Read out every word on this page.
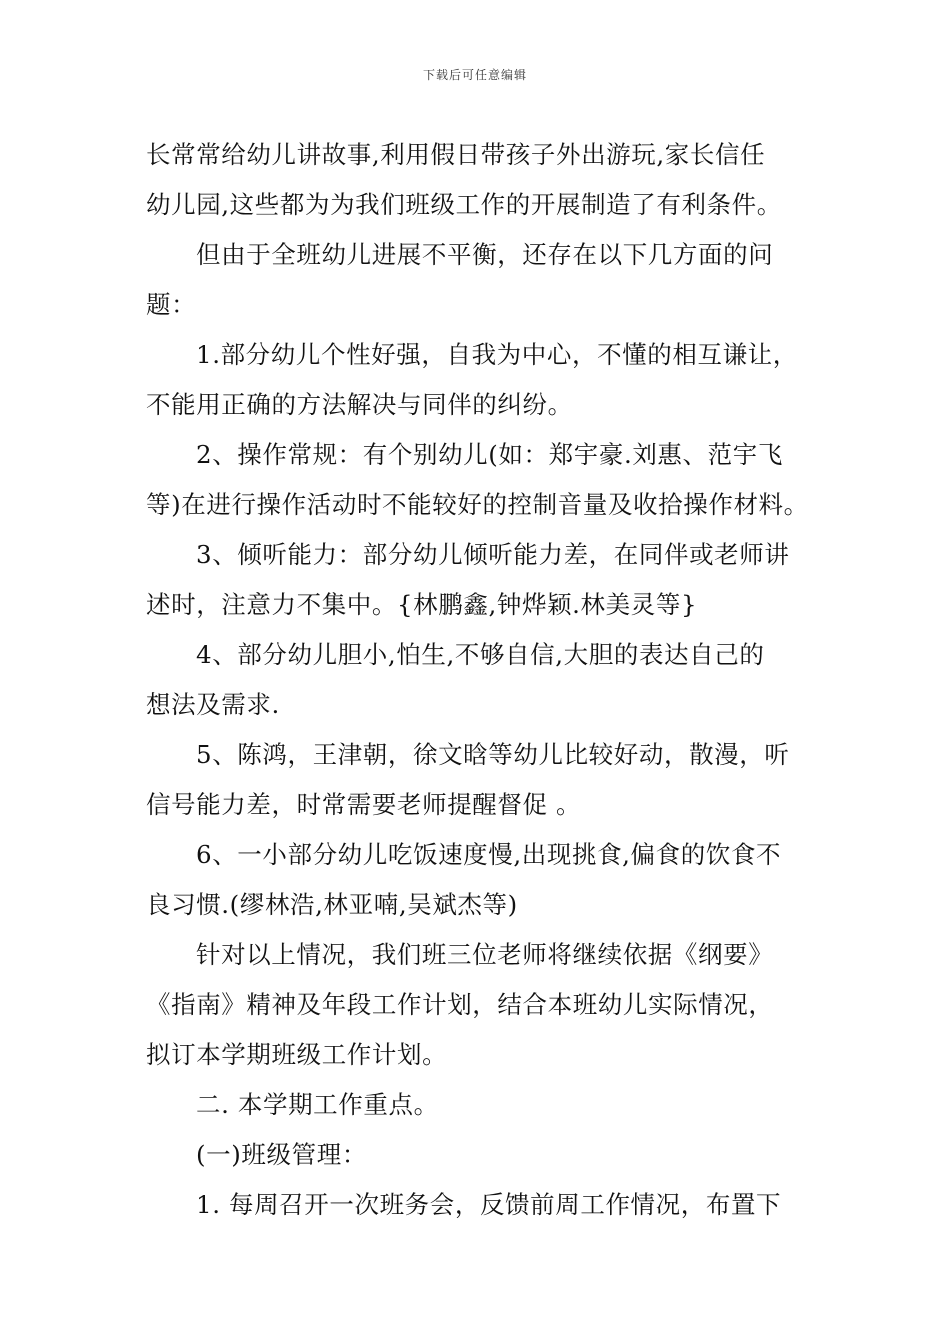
下载后可任意编辑
长常常给幼儿讲故事,利用假日带孩子外出游玩,家长信任
幼儿园,这些都为为我们班级工作的开展制造了有利条件。
但由于全班幼儿进展不平衡，还存在以下几方面的问
题：
1.部分幼儿个性好强，自我为中心，不懂的相互谦让，
不能用正确的方法解决与同伴的纠纷。
2、操作常规：有个别幼儿(如：郑宇豪.刘惠、范宇飞
等)在进行操作活动时不能较好的控制音量及收拾操作材料。
3、倾听能力：部分幼儿倾听能力差，在同伴或老师讲
述时，注意力不集中。{林鹏鑫,钟烨颖.林美灵等}
4、部分幼儿胆小,怕生,不够自信,大胆的表达自己的
想法及需求.
5、陈鸿，王津朝，徐文晗等幼儿比较好动，散漫，听
信号能力差，时常需要老师提醒督促 。
6、一小部分幼儿吃饭速度慢,出现挑食,偏食的饮食不
良习惯.(缪林浩,林亚喃,吴斌杰等)
针对以上情况，我们班三位老师将继续依据《纲要》
《指南》精神及年段工作计划，结合本班幼儿实际情况，
拟订本学期班级工作计划。
二. 本学期工作重点。
(一)班级管理：
1. 每周召开一次班务会，反馈前周工作情况，布置下
